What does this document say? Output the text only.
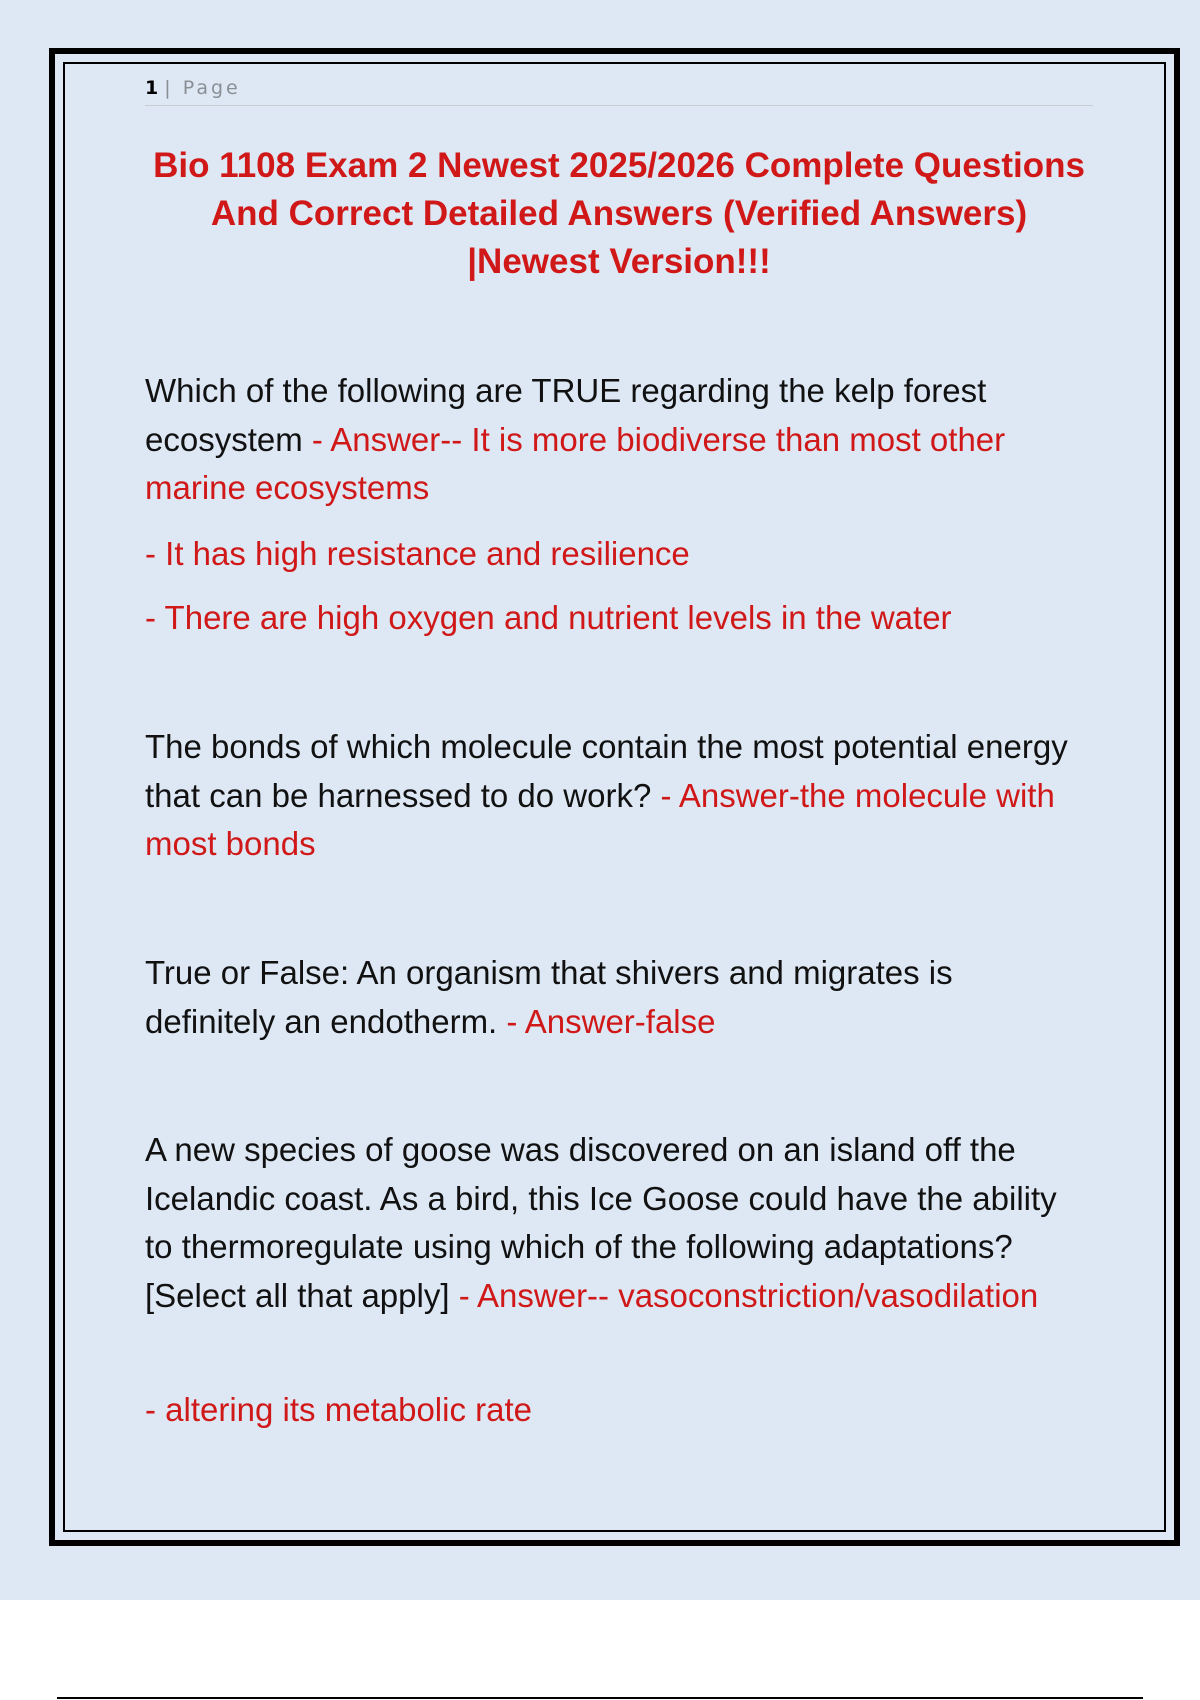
1 | Page
Bio 1108 Exam 2 Newest 2025/2026 Complete Questions And Correct Detailed Answers (Verified Answers) |Newest Version!!!
Which of the following are TRUE regarding the kelp forest ecosystem - Answer-- It is more biodiverse than most other marine ecosystems
- It has high resistance and resilience
- There are high oxygen and nutrient levels in the water
The bonds of which molecule contain the most potential energy that can be harnessed to do work? - Answer-the molecule with most bonds
True or False: An organism that shivers and migrates is definitely an endotherm. - Answer-false
A new species of goose was discovered on an island off the Icelandic coast. As a bird, this Ice Goose could have the ability to thermoregulate using which of the following adaptations? [Select all that apply] - Answer-- vasoconstriction/vasodilation
- altering its metabolic rate
